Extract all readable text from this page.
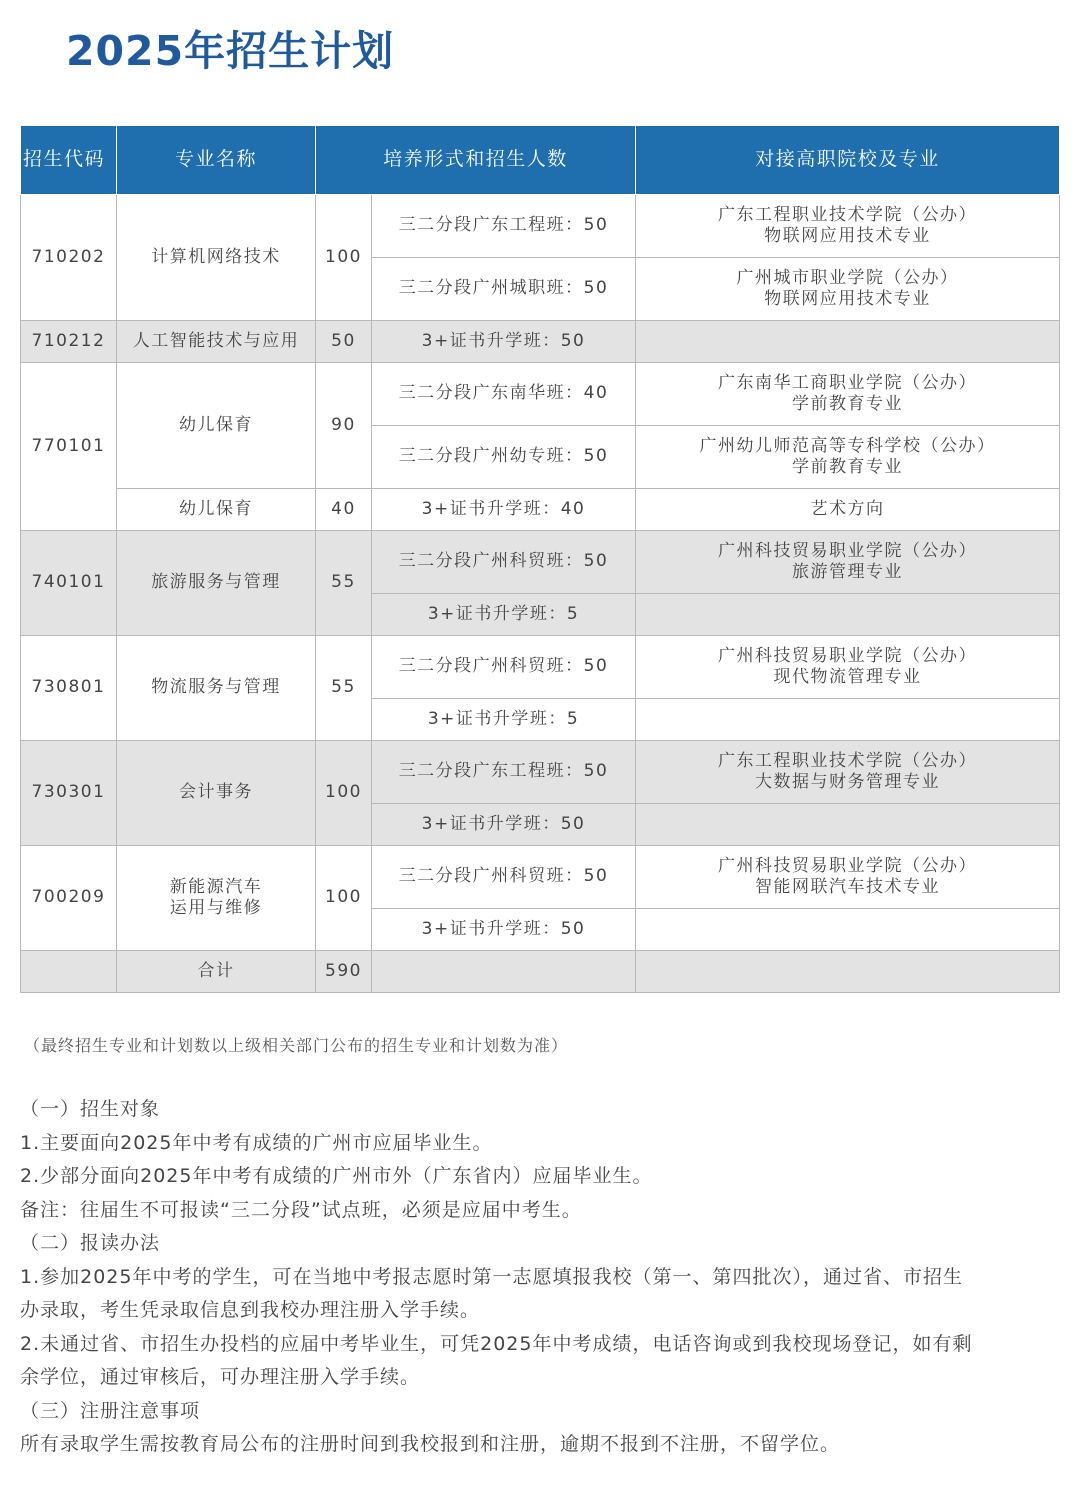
2025年招生计划
招生代码	专业名称	培养形式和招生人数		对接高职院校及专业
710202	计算机网络技术	100	三二分段广东工程班：50	广东工程职业技术学院（公办）
物联网应用技术专业

			三二分段广州城职班：50	广州城市职业学院（公办）
物联网应用技术专业

710212	人工智能技术与应用	50	3+证书升学班：50	
770101	幼儿保育	90	三二分段广东南华班：40	广东南华工商职业学院（公办）
学前教育专业

			三二分段广州幼专班：50	广州幼儿师范高等专科学校（公办）
学前教育专业

	幼儿保育	40	3+证书升学班：40	艺术方向
740101	旅游服务与管理	55	三二分段广州科贸班：50	广州科技贸易职业学院（公办）
旅游管理专业

			3+证书升学班：5	
730801	物流服务与管理	55	三二分段广州科贸班：50	广州科技贸易职业学院（公办）
现代物流管理专业

			3+证书升学班：5	
730301	会计事务	100	三二分段广东工程班：50	广东工程职业技术学院（公办）
大数据与财务管理专业

			3+证书升学班：50	
700209	新能源汽车
运用与维修	100	三二分段广州科贸班：50	广州科技贸易职业学院（公办）
智能网联汽车技术专业

			3+证书升学班：50	
	合计	590		
（最终招生专业和计划数以上级相关部门公布的招生专业和计划数为准）

（一）招生对象

1.主要面向2025年中考有成绩的广州市应届毕业生。

2.少部分面向2025年中考有成绩的广州市外（广东省内）应届毕业生。

备注：往届生不可报读“三二分段”试点班，必须是应届中考生。

（二）报读办法

1.参加2025年中考的学生，可在当地中考报志愿时第一志愿填报我校（第一、第四批次），通过省、市招生

办录取，考生凭录取信息到我校办理注册入学手续。

2.未通过省、市招生办投档的应届中考毕业生，可凭2025年中考成绩，电话咨询或到我校现场登记，如有剩

余学位，通过审核后，可办理注册入学手续。

（三）注册注意事项

所有录取学生需按教育局公布的注册时间到我校报到和注册，逾期不报到不注册，不留学位。
